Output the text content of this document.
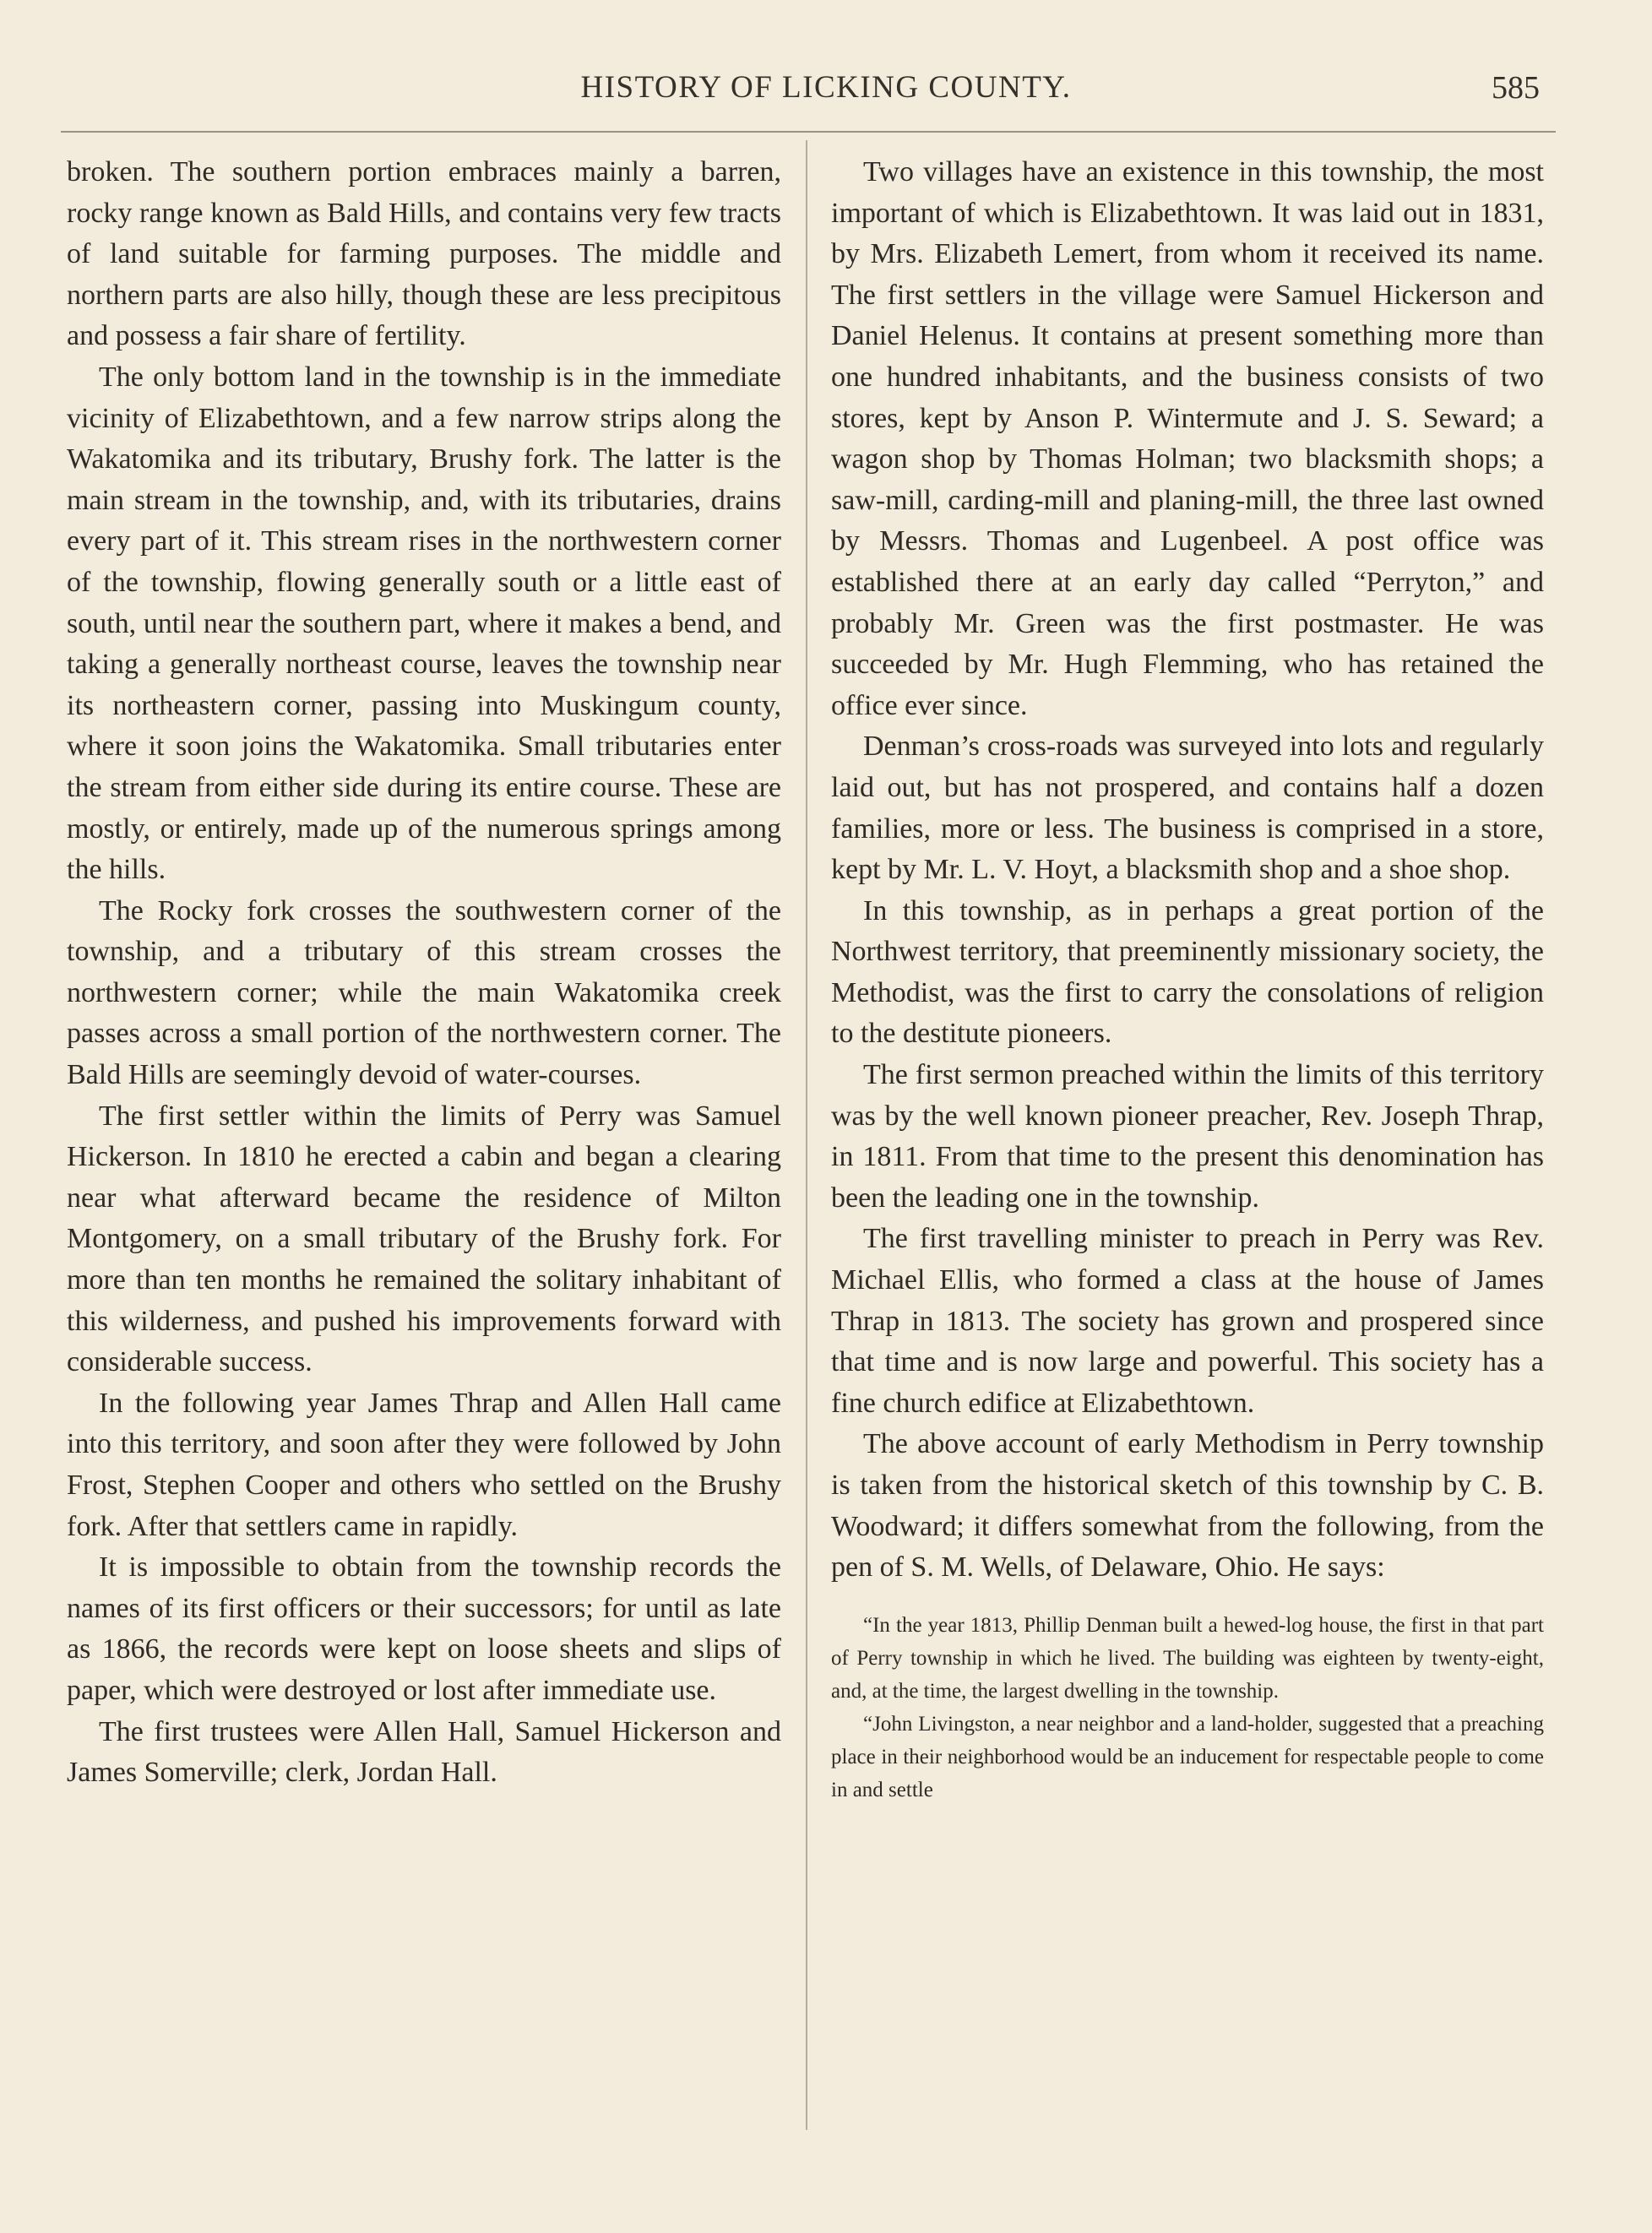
HISTORY OF LICKING COUNTY.	585

broken. The southern portion embraces mainly a barren, rocky range known as Bald Hills, and contains very few tracts of land suitable for farming purposes. The middle and northern parts are also hilly, though these are less precipitous and possess a fair share of fertility.

The only bottom land in the township is in the immediate vicinity of Elizabethtown, and a few narrow strips along the Wakatomika and its tributary, Brushy fork. The latter is the main stream in the township, and, with its tributaries, drains every part of it. This stream rises in the northwestern corner of the township, flowing generally south or a little east of south, until near the southern part, where it makes a bend, and taking a generally northeast course, leaves the township near its northeastern corner, passing into Muskingum county, where it soon joins the Wakatomika. Small tributaries enter the stream from either side during its entire course. These are mostly, or entirely, made up of the numerous springs among the hills.

The Rocky fork crosses the southwestern corner of the township, and a tributary of this stream crosses the northwestern corner; while the main Wakatomika creek passes across a small portion of the northwestern corner. The Bald Hills are seemingly devoid of water-courses.

The first settler within the limits of Perry was Samuel Hickerson. In 1810 he erected a cabin and began a clearing near what afterward became the residence of Milton Montgomery, on a small tributary of the Brushy fork. For more than ten months he remained the solitary inhabitant of this wilderness, and pushed his improvements forward with considerable success.

In the following year James Thrap and Allen Hall came into this territory, and soon after they were followed by John Frost, Stephen Cooper and others who settled on the Brushy fork. After that settlers came in rapidly.

It is impossible to obtain from the township records the names of its first officers or their successors; for until as late as 1866, the records were kept on loose sheets and slips of paper, which were destroyed or lost after immediate use.

The first trustees were Allen Hall, Samuel Hickerson and James Somerville; clerk, Jordan Hall.

Two villages have an existence in this township, the most important of which is Elizabethtown. It was laid out in 1831, by Mrs. Elizabeth Lemert, from whom it received its name. The first settlers in the village were Samuel Hickerson and Daniel Helenus. It contains at present something more than one hundred inhabitants, and the business consists of two stores, kept by Anson P. Wintermute and J. S. Seward; a wagon shop by Thomas Holman; two blacksmith shops; a saw-mill, carding-mill and planing-mill, the three last owned by Messrs. Thomas and Lugenbeel. A post office was established there at an early day called “Perryton,” and probably Mr. Green was the first postmaster. He was succeeded by Mr. Hugh Flemming, who has retained the office ever since.

Denman’s cross-roads was surveyed into lots and regularly laid out, but has not prospered, and contains half a dozen families, more or less. The business is comprised in a store, kept by Mr. L. V. Hoyt, a blacksmith shop and a shoe shop.

In this township, as in perhaps a great portion of the Northwest territory, that preeminently missionary society, the Methodist, was the first to carry the consolations of religion to the destitute pioneers.

The first sermon preached within the limits of this territory was by the well known pioneer preacher, Rev. Joseph Thrap, in 1811. From that time to the present this denomination has been the leading one in the township.

The first travelling minister to preach in Perry was Rev. Michael Ellis, who formed a class at the house of James Thrap in 1813. The society has grown and prospered since that time and is now large and powerful. This society has a fine church edifice at Elizabethtown.

The above account of early Methodism in Perry township is taken from the historical sketch of this township by C. B. Woodward; it differs somewhat from the following, from the pen of S. M. Wells, of Delaware, Ohio. He says:

“In the year 1813, Phillip Denman built a hewed-log house, the first in that part of Perry township in which he lived. The building was eighteen by twenty-eight, and, at the time, the largest dwelling in the township.

“John Livingston, a near neighbor and a land-holder, suggested that a preaching place in their neighborhood would be an inducement for respectable people to come in and settle
